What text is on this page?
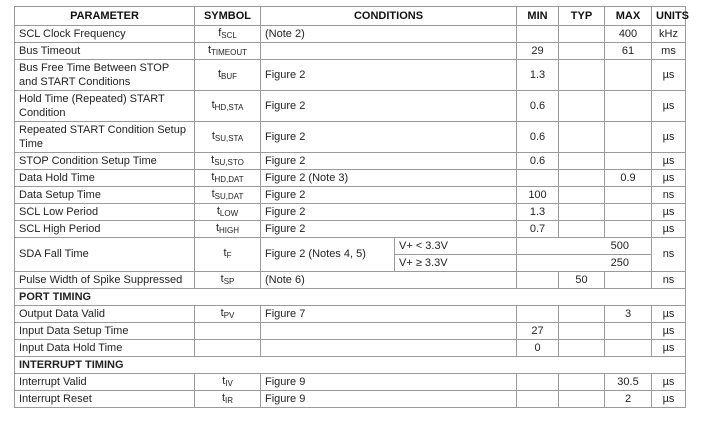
PARAMETER	SYMBOL	CONDITIONS		MIN	TYP	MAX	UNITS
SCL Clock Frequency	$f_{SCL}$	(Note 2)				400	kHz
Bus Timeout	$t_{TIMEOUT}$			29		61	ms
Bus Free Time Between STOP and START Conditions	$t_{BUF}$	Figure 2		1.3			µs
Hold Time (Repeated) START Condition	$t_{HD,STA}$	Figure 2		0.6			µs
Repeated START Condition Setup Time	$t_{SU,STA}$	Figure 2		0.6			µs
STOP Condition Setup Time	$t_{SU,STO}$	Figure 2		0.6			µs
Data Hold Time	$t_{HD,DAT}$	Figure 2 (Note 3)				0.9	µs
Data Setup Time	$t_{SU,DAT}$	Figure 2		100			ns
SCL Low Period	$t_{LOW}$	Figure 2		1.3			µs
SCL High Period	$t_{HIGH}$	Figure 2		0.7			µs
SDA Fall Time	$t_F$	Figure 2 (Notes 4, 5)	V+ < 3.3V	500			ns
			V+ ≥ 3.3V	250			
Pulse Width of Spike Suppressed	$t_{SP}$	(Note 6)			50		ns
PORT TIMING							
Output Data Valid	$t_{PV}$	Figure 7				3	µs
Input Data Setup Time				27			µs
Input Data Hold Time				0			µs
INTERRUPT TIMING							
Interrupt Valid	$t_{IV}$	Figure 9				30.5	µs
Interrupt Reset	$t_{IR}$	Figure 9				2	µs
